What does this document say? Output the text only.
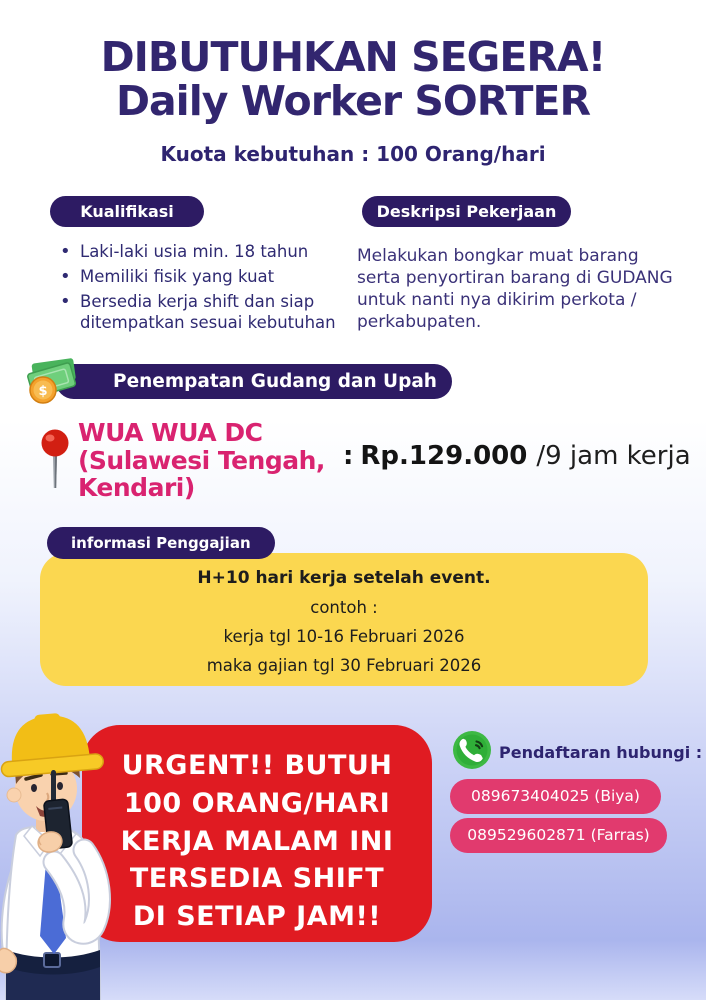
DIBUTUHKAN SEGERA!
Daily Worker SORTER
Kuota kebutuhan : 100 Orang/hari
Kualifikasi
• Laki-laki usia min. 18 tahun
• Memiliki fisik yang kuat
• Bersedia kerja shift dan siap ditempatkan sesuai kebutuhan
Deskripsi Pekerjaan
Melakukan bongkar muat barang serta penyortiran barang di GUDANG untuk nanti nya dikirim perkota / perkabupaten.
$	Penempatan Gudang dan Upah
WUA WUA DC
(Sulawesi Tengah,
Kendari)
: Rp.129.000 /9 jam kerja
informasi Penggajian
H+10 hari kerja setelah event.
contoh :
kerja tgl 10-16 Februari 2026
maka gajian tgl 30 Februari 2026
URGENT!! BUTUH
100 ORANG/HARI
KERJA MALAM INI
TERSEDIA SHIFT
DI SETIAP JAM!!
Pendaftaran hubungi :
089673404025 (Biya)
089529602871 (Farras)
